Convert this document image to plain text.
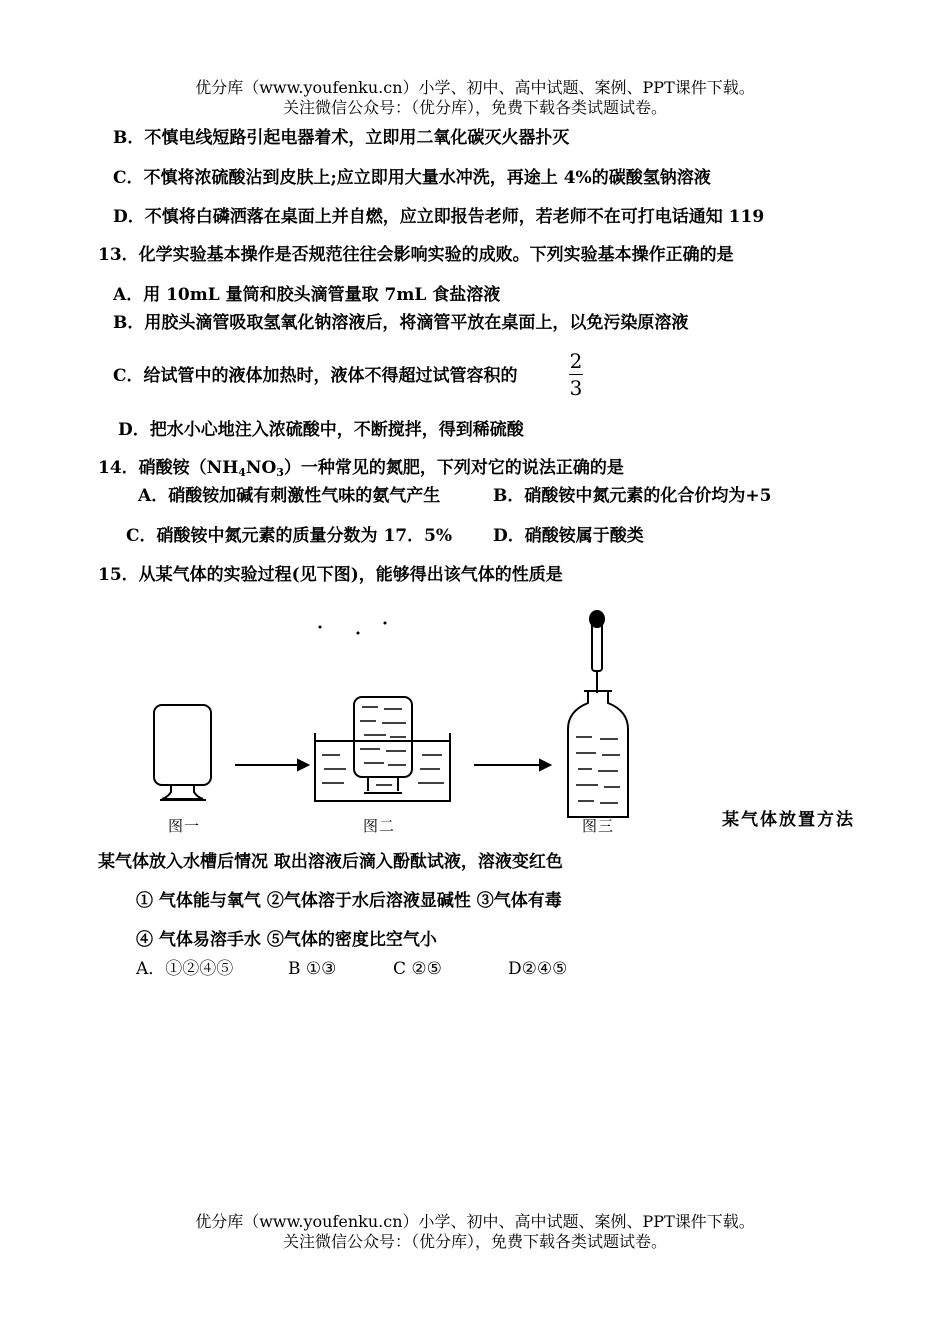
优分库（www.youfenku.cn）小学、初中、高中试题、案例、PPT课件下载。
关注微信公众号：（优分库），免费下载各类试题试卷。
B．不慎电线短路引起电器着术，立即用二氧化碳灭火器扑灭
C．不慎将浓硫酸沾到皮肤上;应立即用大量水冲洗，再途上 4%的碳酸氢钠溶液
D．不慎将白磷洒落在桌面上并自燃，应立即报告老师，若老师不在可打电话通知 119
13．化学实验基本操作是否规范往往会影响实验的成败。下列实验基本操作正确的是
A．用 10mL 量筒和胶头滴管量取 7mL 食盐溶液
B．用胶头滴管吸取氢氧化钠溶液后，将滴管平放在桌面上，以免污染原溶液
C．给试管中的液体加热时，液体不得超过试管容积的
2
3
D．把水小心地注入浓硫酸中，不断搅拌，得到稀硫酸
14．硝酸铵$(NH_4NO_3)$一种常见的氮肥，下列对它的说法正确的是
A．硝酸铵加碱有刺激性气味的氨气产生	B．硝酸铵中氮元素的化合价均为+5
C．硝酸铵中氮元素的质量分数为 17．5% D．硝酸铵属于酸类
15．从某气体的实验过程(见下图)，能够得出该气体的性质是
图一	图二	图三	某气体放置方法
某气体放入水槽后情况 取出溶液后滴入酚酞试液，溶液变红色
① 气体能与氧气 ②气体溶于水后溶液显碱性 ③气体有毒
④ 气体易溶手水 ⑤气体的密度比空气小
A．①②④⑤	B ①③	C ②⑤	D②④⑤
优分库（www.youfenku.cn）小学、初中、高中试题、案例、PPT课件下载。
关注微信公众号：（优分库），免费下载各类试题试卷。
